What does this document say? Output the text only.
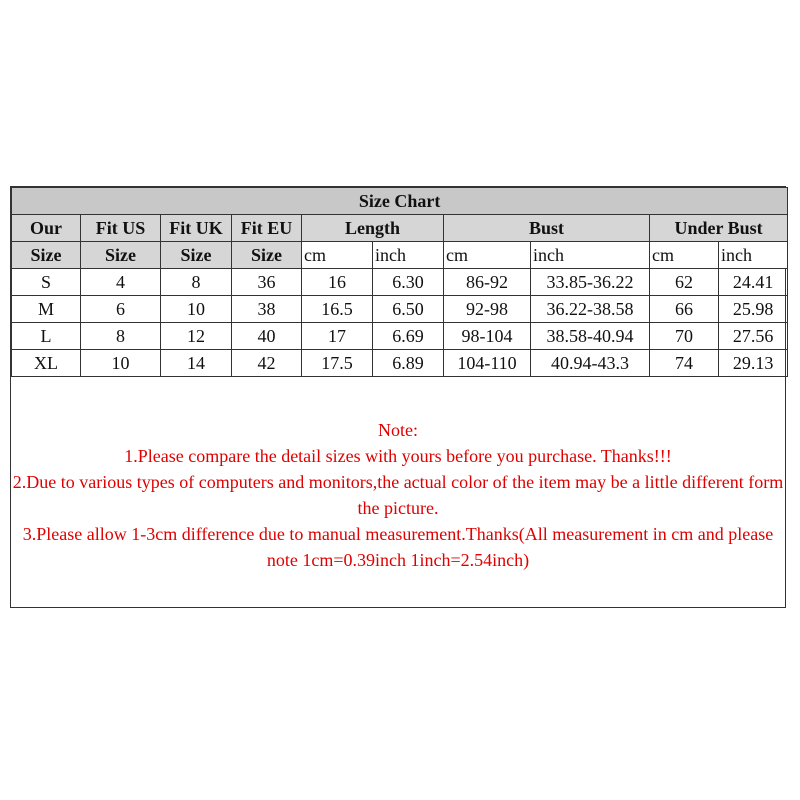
Size Chart									
Our	Fit US	Fit UK	Fit EU	Length		Bust		Under Bust	
Size	Size	Size	Size	cm	inch	cm	inch	cm	inch
S	4	8	36	16	6.30	86-92	33.85-36.22	62	24.41
M	6	10	38	16.5	6.50	92-98	36.22-38.58	66	25.98
L	8	12	40	17	6.69	98-104	38.58-40.94	70	27.56
XL	10	14	42	17.5	6.89	104-110	40.94-43.3	74	29.13

Note:

1.Please compare the detail sizes with yours before you purchase. Thanks!!!

2.Due to various types of computers and monitors,the actual color of the item may be a little different form the picture.

3.Please allow 1-3cm difference due to manual measurement.Thanks(All measurement in cm and please note 1cm=0.39inch 1inch=2.54inch)
